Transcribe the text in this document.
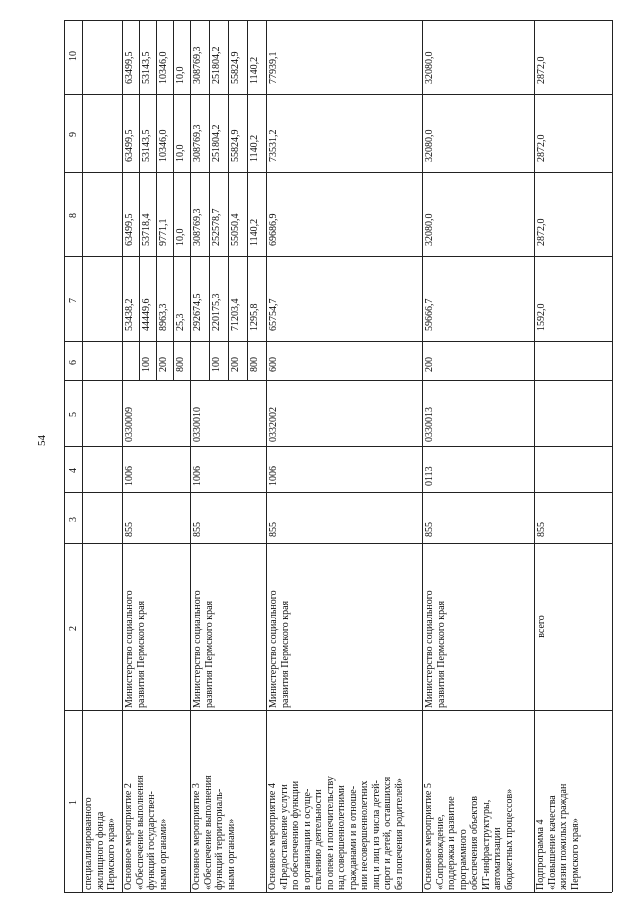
54
10
9
8
7
6
5
4
3
2
1 специализированного
жилищного фонда
Пермского края»
Основное мероприятие 2
«Обеспечение выполнения
функций государствен-
ными органами»
Министерство социального
развития Пермского края
855
1006
0330009
53438,2
63499,5
63499,5
63499,5
100
44449,6
53718,4
53143,5
53143,5
200
8963,3
9771,1
10346,0
10346,0
800
25,3
10,0
10,0
10,0
Основное мероприятие 3
«Обеспечение выполнения
функций территориаль-
ными органами»
Министерство социального
развития Пермского края
855
1006
0330010
292674,5
308769,3
308769,3
308769,3
100
220175,3
252578,7
251804,2
251804,2
200
71203,4
55050,4
55824,9
55824,9
800
1295,8
1140,2
1140,2
1140,2
Основное мероприятие 4
«Предоставление услуги
по обеспечению функции
в организации и осуще-
ствлению деятельности
по опеке и попечительству
над совершеннолетними
гражданами и в отноше-
нии несовершеннолетних
лиц и лиц из числа детей-
сирот и детей, оставшихся
без попечения родителей»
Министерство социального
развития Пермского края
855
1006
0332002
600
65754,7
69686,9
73531,2
77939,1
Основное мероприятие 5
«Сопровождение,
поддержка и развитие
программного
обеспечения объектов
ИТ-инфраструктуры,
автоматизации
бюджетных процессов»
Министерство социального
развития Пермского края
855
0113
0330013
200
59666,7
32080,0
32080,0
32080,0
Подпрограмма 4
«Повышение качества
жизни пожилых граждан
Пермского края»
всего
855
1592,0
2872,0
2872,0
2872,0
